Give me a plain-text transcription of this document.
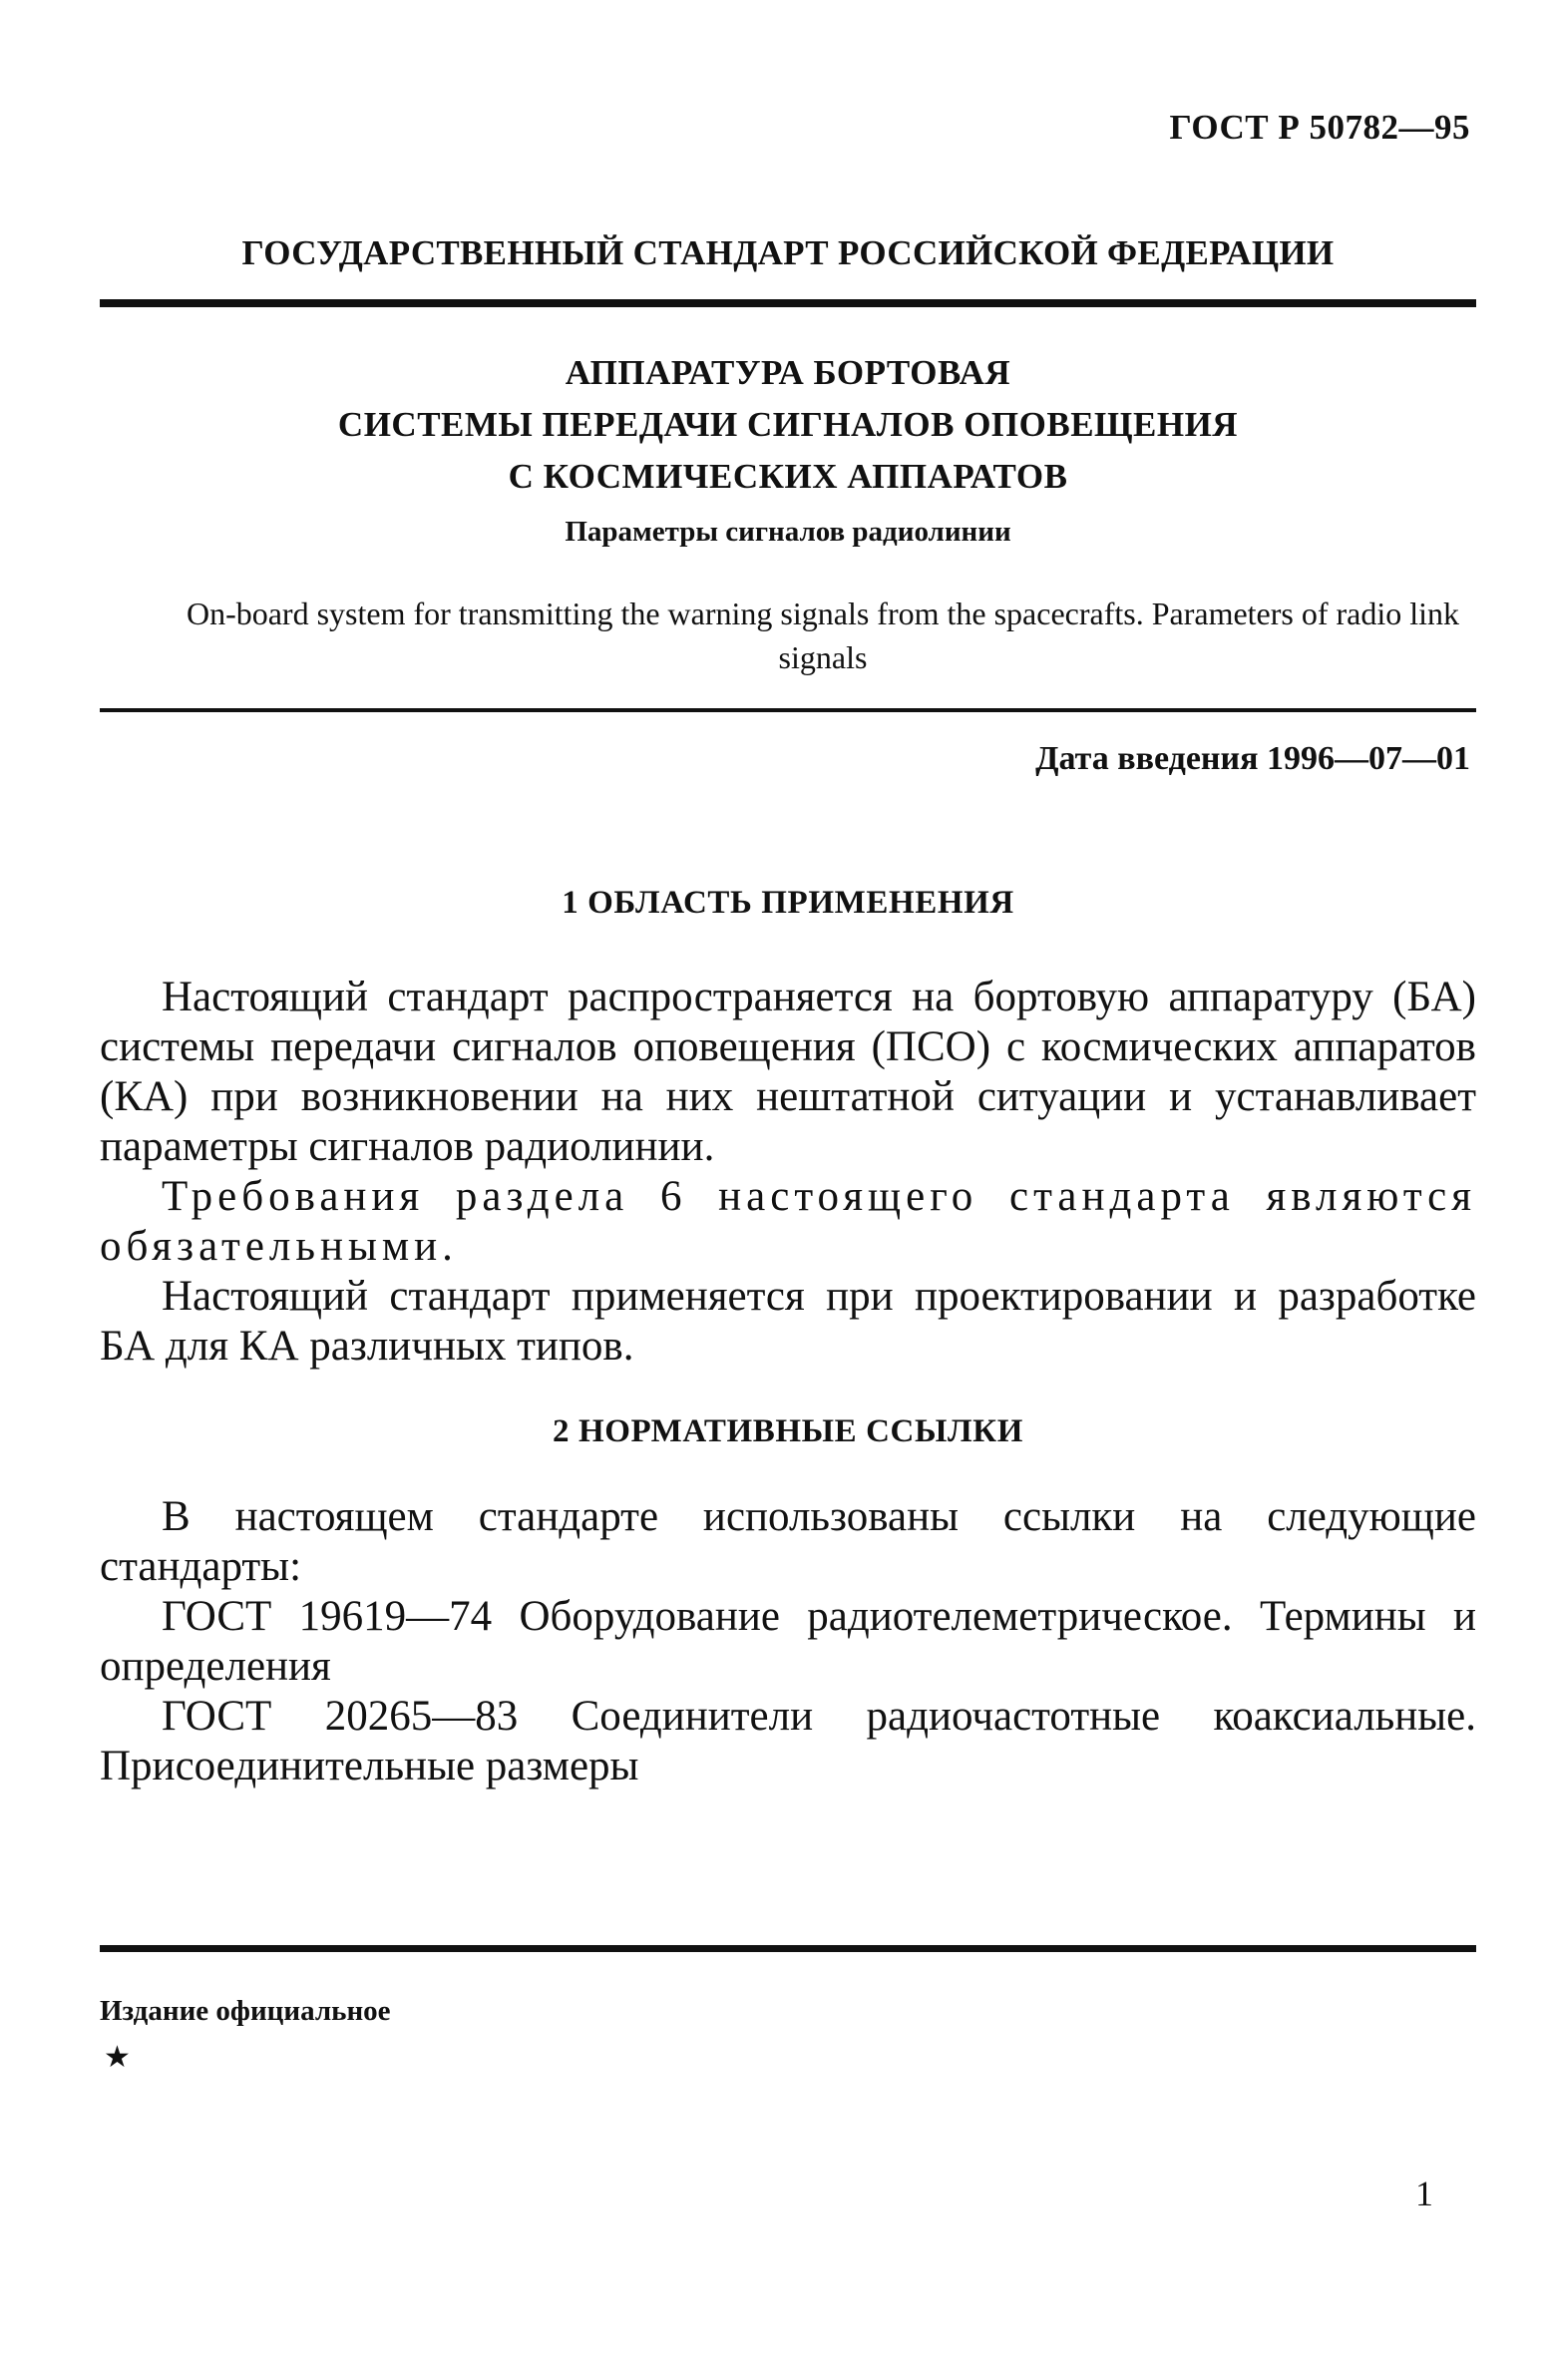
ГОСТ Р 50782—95
ГОСУДАРСТВЕННЫЙ СТАНДАРТ РОССИЙСКОЙ ФЕДЕРАЦИИ
АППАРАТУРА БОРТОВАЯ
СИСТЕМЫ ПЕРЕДАЧИ СИГНАЛОВ ОПОВЕЩЕНИЯ
С КОСМИЧЕСКИХ АППАРАТОВ
Параметры сигналов радиолинии
On-board system for transmitting the warning signals from the spacecrafts. Parameters of radio link signals
Дата введения 1996—07—01
1 ОБЛАСТЬ ПРИМЕНЕНИЯ

Настоящий стандарт распространяется на бортовую аппаратуру (БА) системы передачи сигналов оповещения (ПСО) с космических аппаратов (КА) при возникновении на них нештатной ситуации и устанавливает параметры сигналов радиолинии.

Требования раздела 6 настоящего стандарта являются обязательными.

Настоящий стандарт применяется при проектировании и разработке БА для КА различных типов.

2 НОРМАТИВНЫЕ ССЫЛКИ

В настоящем стандарте использованы ссылки на следующие стандарты:

ГОСТ 19619—74 Оборудование радиотелеметрическое. Термины и определения

ГОСТ 20265—83 Соединители радиочастотные коаксиальные. Присоединительные размеры

Издание официальное
★
1
